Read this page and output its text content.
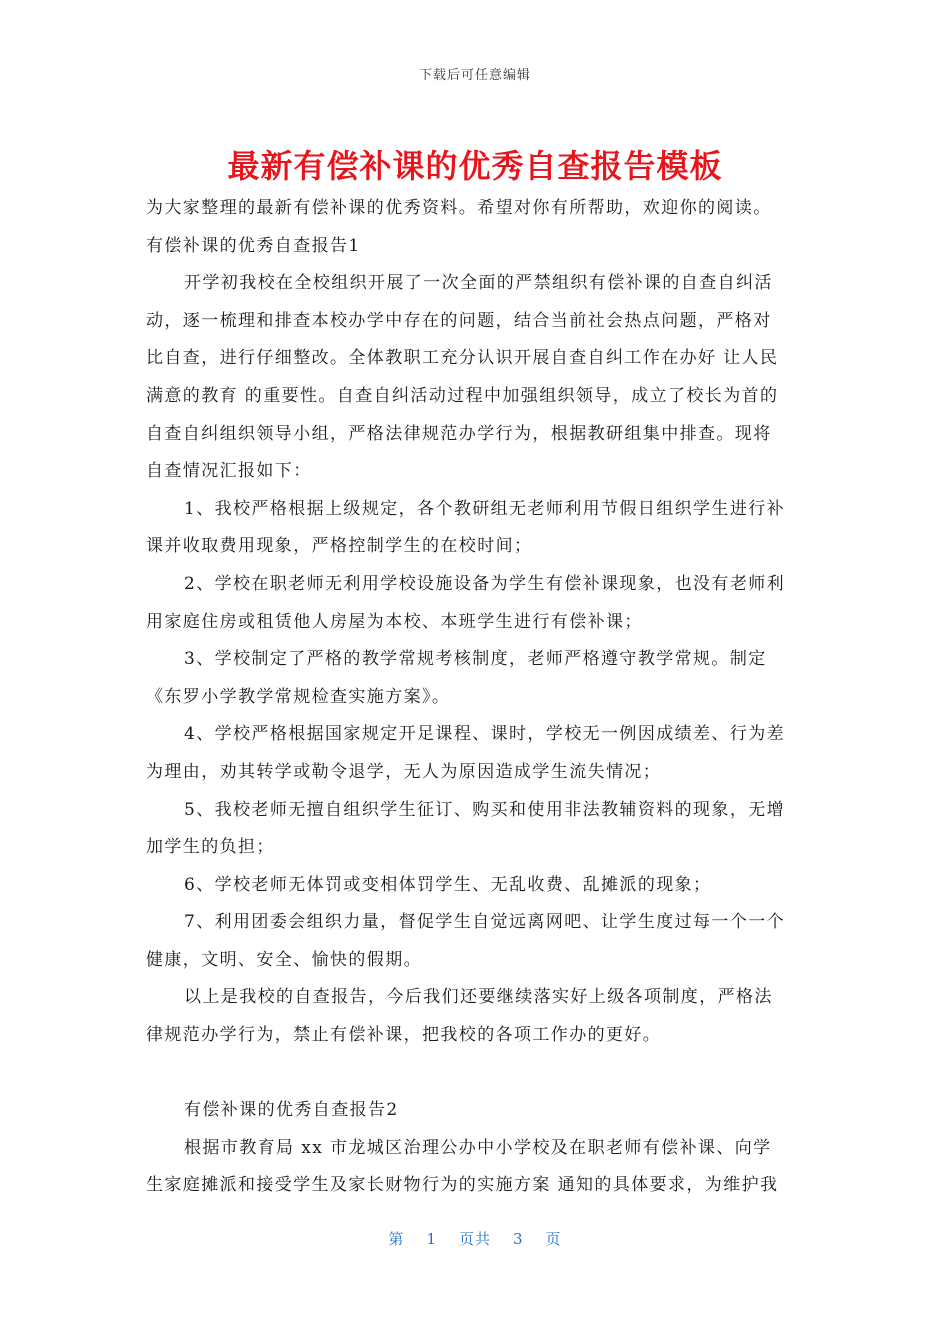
下载后可任意编辑
最新有偿补课的优秀自查报告模板
为大家整理的最新有偿补课的优秀资料。希望对你有所帮助，欢迎你的阅读。
有偿补课的优秀自查报告1
开学初我校在全校组织开展了一次全面的严禁组织有偿补课的自查自纠活
动，逐一梳理和排查本校办学中存在的问题，结合当前社会热点问题，严格对
比自查，进行仔细整改。全体教职工充分认识开展自查自纠工作在办好 让人民
满意的教育 的重要性。自查自纠活动过程中加强组织领导，成立了校长为首的
自查自纠组织领导小组，严格法律规范办学行为，根据教研组集中排查。现将
自查情况汇报如下：
1、我校严格根据上级规定，各个教研组无老师利用节假日组织学生进行补
课并收取费用现象，严格控制学生的在校时间；
2、学校在职老师无利用学校设施设备为学生有偿补课现象，也没有老师利
用家庭住房或租赁他人房屋为本校、本班学生进行有偿补课；
3、学校制定了严格的教学常规考核制度，老师严格遵守教学常规。制定
《东罗小学教学常规检查实施方案》。
4、学校严格根据国家规定开足课程、课时，学校无一例因成绩差、行为差
为理由，劝其转学或勒令退学，无人为原因造成学生流失情况；
5、我校老师无擅自组织学生征订、购买和使用非法教辅资料的现象，无增
加学生的负担；
6、学校老师无体罚或变相体罚学生、无乱收费、乱摊派的现象；
7、利用团委会组织力量，督促学生自觉远离网吧、让学生度过每一个一个
健康，文明、安全、愉快的假期。
以上是我校的自查报告，今后我们还要继续落实好上级各项制度，严格法
律规范办学行为，禁止有偿补课，把我校的各项工作办的更好。
有偿补课的优秀自查报告2
根据市教育局 xx 市龙城区治理公办中小学校及在职老师有偿补课、向学
生家庭摊派和接受学生及家长财物行为的实施方案 通知的具体要求，为维护我
第 1 页共 3 页
